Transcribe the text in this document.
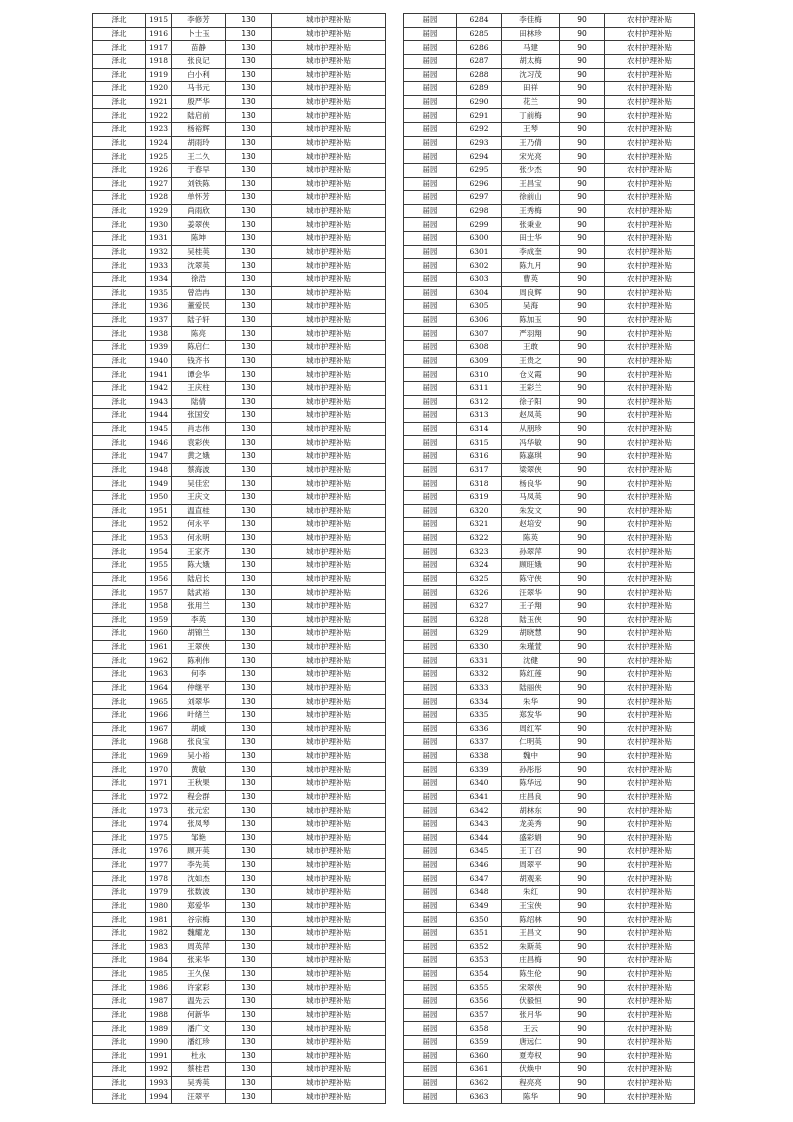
泽北	1915	李修芳	130	城市护理补贴
泽北	1916	卜士玉	130	城市护理补贴
泽北	1917	苗静	130	城市护理补贴
泽北	1918	张良记	130	城市护理补贴
泽北	1919	白小利	130	城市护理补贴
泽北	1920	马书元	130	城市护理补贴
泽北	1921	殷严华	130	城市护理补贴
泽北	1922	陆启前	130	城市护理补贴
泽北	1923	杨裕辉	130	城市护理补贴
泽北	1924	胡雨玲	130	城市护理补贴
泽北	1925	王二久	130	城市护理补贴
泽北	1926	于春早	130	城市护理补贴
泽北	1927	刘铁陈	130	城市护理补贴
泽北	1928	单怀芳	130	城市护理补贴
泽北	1929	尚雨欣	130	城市护理补贴
泽北	1930	姜翠侠	130	城市护理补贴
泽北	1931	陈坤	130	城市护理补贴
泽北	1932	吴桂英	130	城市护理补贴
泽北	1933	沈翠英	130	城市护理补贴
泽北	1934	徐浩	130	城市护理补贴
泽北	1935	曾浩冉	130	城市护理补贴
泽北	1936	董爱民	130	城市护理补贴
泽北	1937	陆子轩	130	城市护理补贴
泽北	1938	陈亮	130	城市护理补贴
泽北	1939	陈启仁	130	城市护理补贴
泽北	1940	钱齐书	130	城市护理补贴
泽北	1941	谭会华	130	城市护理补贴
泽北	1942	王庆柱	130	城市护理补贴
泽北	1943	陆倩	130	城市护理补贴
泽北	1944	张国安	130	城市护理补贴
泽北	1945	肖志伟	130	城市护理补贴
泽北	1946	袁彩侠	130	城市护理补贴
泽北	1947	黄之娥	130	城市护理补贴
泽北	1948	蔡海波	130	城市护理补贴
泽北	1949	吴佳宏	130	城市护理补贴
泽北	1950	王庆文	130	城市护理补贴
泽北	1951	温直桂	130	城市护理补贴
泽北	1952	何永平	130	城市护理补贴
泽北	1953	何永明	130	城市护理补贴
泽北	1954	王家齐	130	城市护理补贴
泽北	1955	陈大娥	130	城市护理补贴
泽北	1956	陆启长	130	城市护理补贴
泽北	1957	陆武裕	130	城市护理补贴
泽北	1958	张用兰	130	城市护理补贴
泽北	1959	李英	130	城市护理补贴
泽北	1960	胡锦兰	130	城市护理补贴
泽北	1961	王翠侠	130	城市护理补贴
泽北	1962	陈利伟	130	城市护理补贴
泽北	1963	何李	130	城市护理补贴
泽北	1964	仲继平	130	城市护理补贴
泽北	1965	刘翠华	130	城市护理补贴
泽北	1966	叶绪兰	130	城市护理补贴
泽北	1967	胡威	130	城市护理补贴
泽北	1968	张良宝	130	城市护理补贴
泽北	1969	吴小裕	130	城市护理补贴
泽北	1970	黄敏	130	城市护理补贴
泽北	1971	王秋果	130	城市护理补贴
泽北	1972	程会群	130	城市护理补贴
泽北	1973	张元宏	130	城市护理补贴
泽北	1974	张凤琴	130	城市护理补贴
泽北	1975	邹艳	130	城市护理补贴
泽北	1976	顾开英	130	城市护理补贴
泽北	1977	李先英	130	城市护理补贴
泽北	1978	沈如杰	130	城市护理补贴
泽北	1979	张数波	130	城市护理补贴
泽北	1980	郑爱华	130	城市护理补贴
泽北	1981	谷宗梅	130	城市护理补贴
泽北	1982	魏耀龙	130	城市护理补贴
泽北	1983	周英萍	130	城市护理补贴
泽北	1984	张来华	130	城市护理补贴
泽北	1985	王久保	130	城市护理补贴
泽北	1986	许家彩	130	城市护理补贴
泽北	1987	温先云	130	城市护理补贴
泽北	1988	何新华	130	城市护理补贴
泽北	1989	潘广文	130	城市护理补贴
泽北	1990	潘红珍	130	城市护理补贴
泽北	1991	杜永	130	城市护理补贴
泽北	1992	蔡桂君	130	城市护理补贴
泽北	1993	吴秀英	130	城市护理补贴
泽北	1994	汪翠平	130	城市护理补贴
届园	6284	李佳梅	90	农村护理补贴
届园	6285	田林珍	90	农村护理补贴
届园	6286	马建	90	农村护理补贴
届园	6287	胡太梅	90	农村护理补贴
届园	6288	沈习茂	90	农村护理补贴
届园	6289	田祥	90	农村护理补贴
届园	6290	花兰	90	农村护理补贴
届园	6291	丁前梅	90	农村护理补贴
届园	6292	王琴	90	农村护理补贴
届园	6293	王乃倩	90	农村护理补贴
届园	6294	宋光亮	90	农村护理补贴
届园	6295	张少杰	90	农村护理补贴
届园	6296	王昌宝	90	农村护理补贴
届园	6297	徐前山	90	农村护理补贴
届园	6298	王秀梅	90	农村护理补贴
届园	6299	张秉业	90	农村护理补贴
届园	6300	田士华	90	农村护理补贴
届园	6301	李成奎	90	农村护理补贴
届园	6302	陈九月	90	农村护理补贴
届园	6303	曹英	90	农村护理补贴
届园	6304	周良辉	90	农村护理补贴
届园	6305	吴海	90	农村护理补贴
届园	6306	陈加玉	90	农村护理补贴
届园	6307	严羽翔	90	农村护理补贴
届园	6308	王敢	90	农村护理补贴
届园	6309	王贵之	90	农村护理补贴
届园	6310	仓义霞	90	农村护理补贴
届园	6311	王彩兰	90	农村护理补贴
届园	6312	徐子阳	90	农村护理补贴
届园	6313	赵凤英	90	农村护理补贴
届园	6314	从朋珍	90	农村护理补贴
届园	6315	冯华敏	90	农村护理补贴
届园	6316	陈嘉琪	90	农村护理补贴
届园	6317	梁翠侠	90	农村护理补贴
届园	6318	杨良华	90	农村护理补贴
届园	6319	马凤英	90	农村护理补贴
届园	6320	朱发文	90	农村护理补贴
届园	6321	赵培安	90	农村护理补贴
届园	6322	陈英	90	农村护理补贴
届园	6323	孙翠萍	90	农村护理补贴
届园	6324	顾旺娥	90	农村护理补贴
届园	6325	陈守侠	90	农村护理补贴
届园	6326	汪翠华	90	农村护理补贴
届园	6327	王子翔	90	农村护理补贴
届园	6328	陆玉侠	90	农村护理补贴
届园	6329	胡晓慧	90	农村护理补贴
届园	6330	朱瑾萱	90	农村护理补贴
届园	6331	沈健	90	农村护理补贴
届园	6332	陈红莲	90	农村护理补贴
届园	6333	陆丽侠	90	农村护理补贴
届园	6334	朱华	90	农村护理补贴
届园	6335	郑发华	90	农村护理补贴
届园	6336	周红军	90	农村护理补贴
届园	6337	仁明英	90	农村护理补贴
届园	6338	魏中	90	农村护理补贴
届园	6339	孙彤彤	90	农村护理补贴
届园	6340	陈华远	90	农村护理补贴
届园	6341	庄昌良	90	农村护理补贴
届园	6342	胡林东	90	农村护理补贴
届园	6343	龙美秀	90	农村护理补贴
届园	6344	盛彩娟	90	农村护理补贴
届园	6345	王丁召	90	农村护理补贴
届园	6346	周翠平	90	农村护理补贴
届园	6347	胡观来	90	农村护理补贴
届园	6348	朱红	90	农村护理补贴
届园	6349	王宝侠	90	农村护理补贴
届园	6350	陈绍林	90	农村护理补贴
届园	6351	王昌文	90	农村护理补贴
届园	6352	朱斯英	90	农村护理补贴
届园	6353	庄昌梅	90	农村护理补贴
届园	6354	陈生伦	90	农村护理补贴
届园	6355	宋翠侠	90	农村护理补贴
届园	6356	伏毅恒	90	农村护理补贴
届园	6357	张月华	90	农村护理补贴
届园	6358	王云	90	农村护理补贴
届园	6359	唐远仁	90	农村护理补贴
届园	6360	夏寿权	90	农村护理补贴
届园	6361	伏焕中	90	农村护理补贴
届园	6362	程亮亮	90	农村护理补贴
届园	6363	陈华	90	农村护理补贴
